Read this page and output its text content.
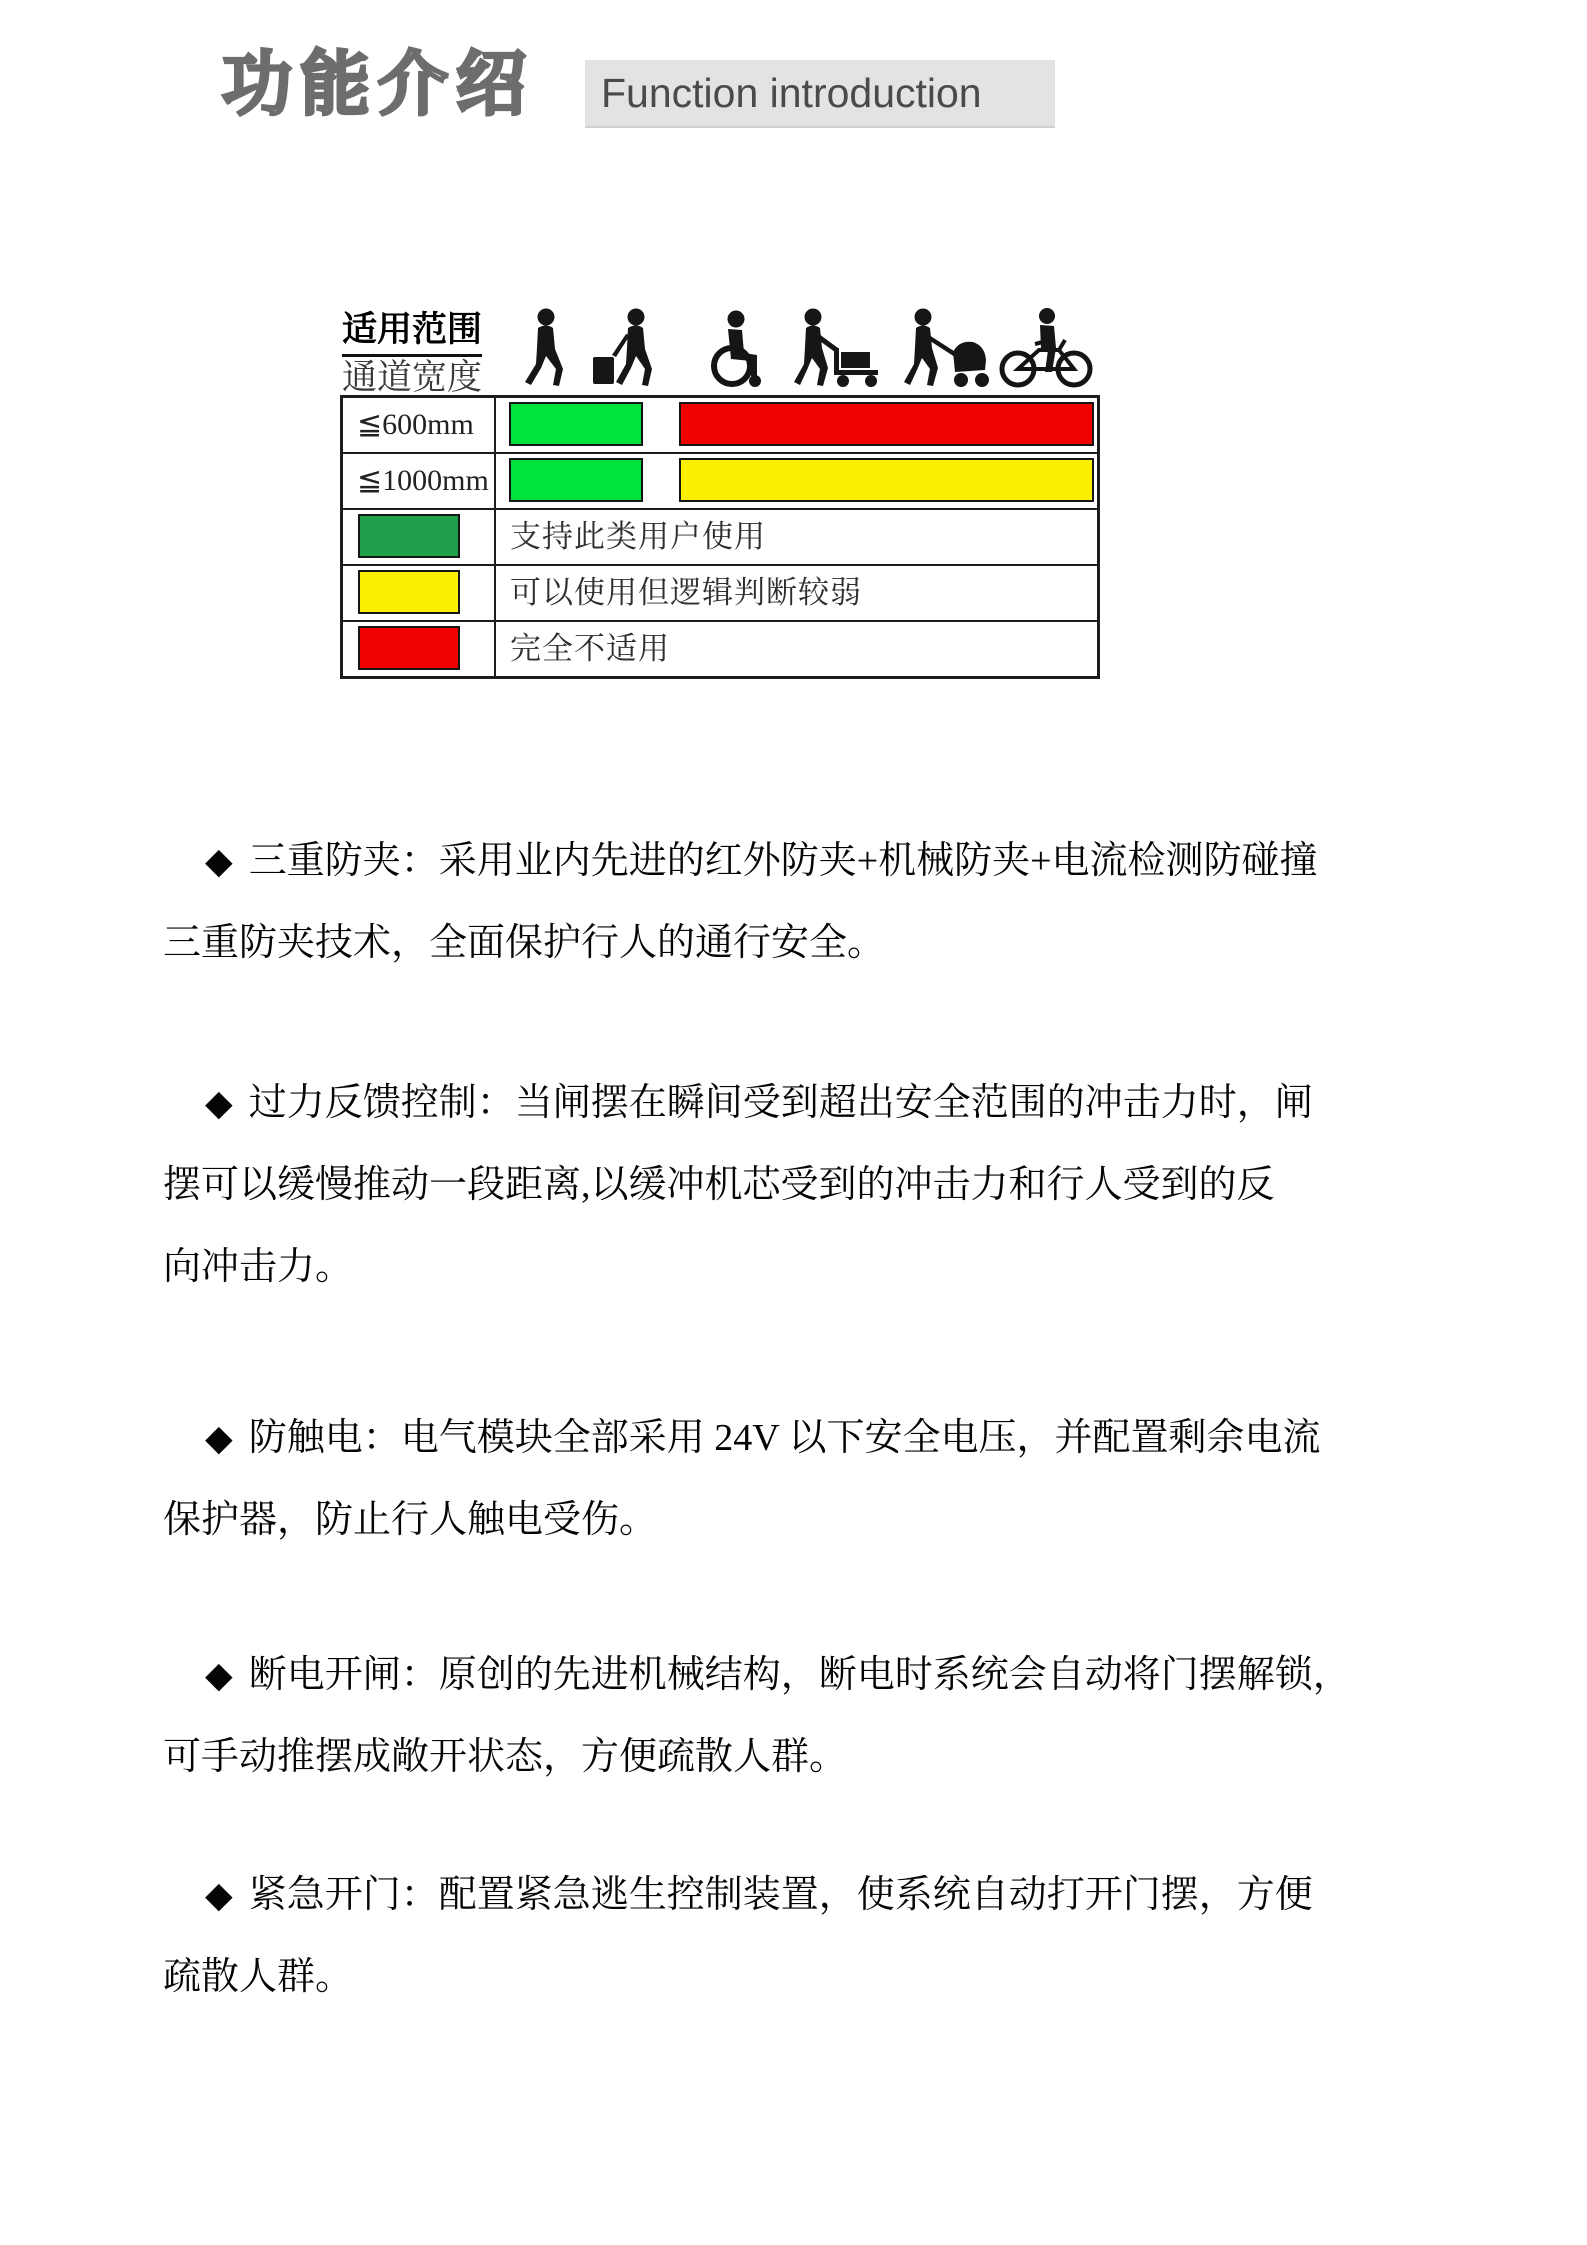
功能介绍	Function introduction
适用范围
通道宽度
≦600mm
≦1000mm
支持此类用户使用
可以使用但逻辑判断较弱
完全不适用
◆ 三重防夹：采用业内先进的红外防夹+机械防夹+电流检测防碰撞
三重防夹技术，全面保护行人的通行安全。
◆ 过力反馈控制：当闸摆在瞬间受到超出安全范围的冲击力时，闸
摆可以缓慢推动一段距离,以缓冲机芯受到的冲击力和行人受到的反
向冲击力。
◆ 防触电：电气模块全部采用 24V 以下安全电压，并配置剩余电流
保护器，防止行人触电受伤。
◆ 断电开闸：原创的先进机械结构，断电时系统会自动将门摆解锁，
可手动推摆成敞开状态，方便疏散人群。
◆ 紧急开门：配置紧急逃生控制装置，使系统自动打开门摆，方便
疏散人群。
